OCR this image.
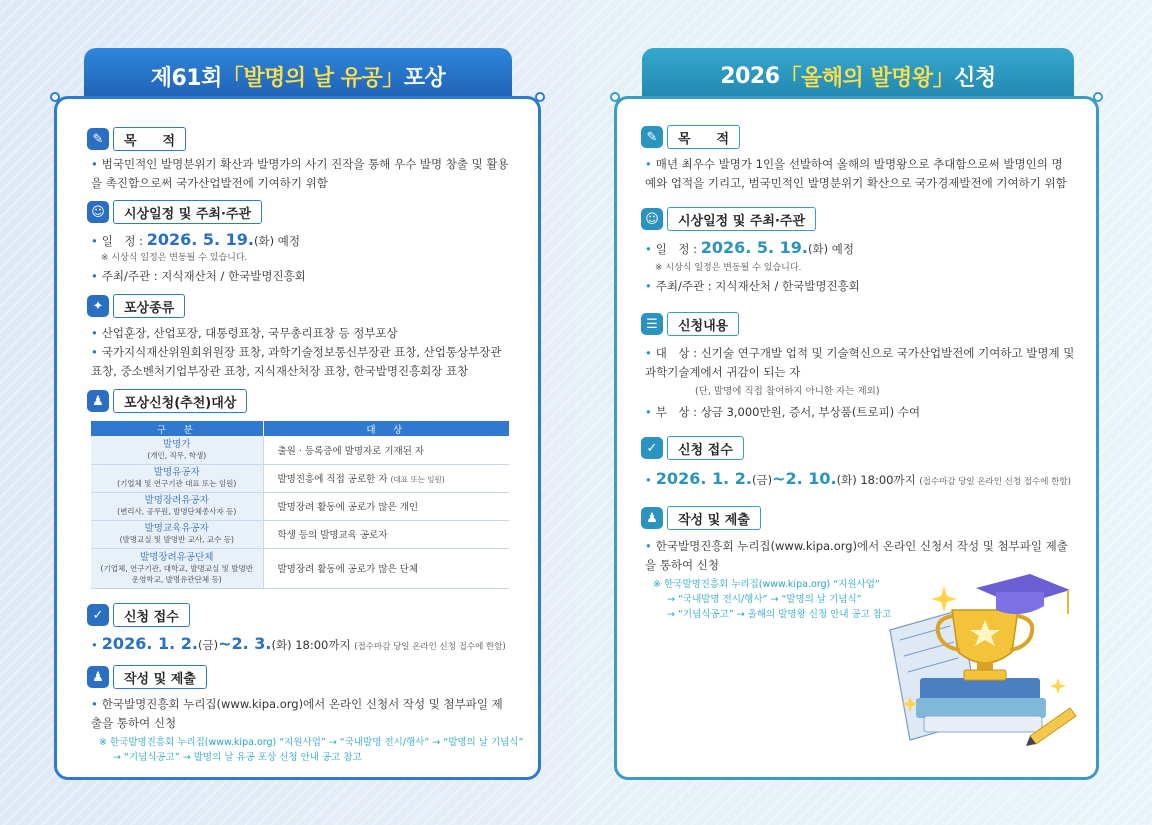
제61회 「발명의 날 유공」 포상	2026 「올해의 발명왕」 신청
✎	목　　적
• 범국민적인 발명분위기 확산과 발명가의 사기 진작을 통해 우수 발명 창출 및 활용을 촉진함으로써 국가산업발전에 기여하기 위함
☺	시상일정 및 주최·주관
• 일　정 : 2026. 5. 19.(화) 예정
※ 시상식 일정은 변동될 수 있습니다.
• 주최/주관 : 지식재산처 / 한국발명진흥회
✦	포상종류
• 산업훈장, 산업포장, 대통령표창, 국무총리표창 등 정부포상
• 국가지식재산위원회위원장 표창, 과학기술정보통신부장관 표창, 산업통상부장관 표창, 중소벤처기업부장관 표창, 지식재산처장 표창, 한국발명진흥회장 표창
♟	포상신청(추천)대상
구　분	대　상
발명가
(개인, 직무, 학생)	출원 · 등록증에 발명자로 기재된 자
발명유공자
(기업체 및 연구기관 대표 또는 임원)	발명진흥에 직접 공로한 자 (대표 또는 임원)
발명장려유공자
(변리사, 공무원, 발명단체종사자 등)	발명장려 활동에 공로가 많은 개인
발명교육유공자
(발명교실 및 발명반 교사, 교수 등)	학생 등의 발명교육 공로자
발명장려유공단체
(기업체, 연구기관, 대학교, 발명교실 및 발명반 운영학교, 발명유관단체 등)	발명장려 활동에 공로가 많은 단체
✓	신청 접수
• 2026. 1. 2.(금)~2. 3.(화) 18:00까지 (접수마감 당일 온라인 신청 접수에 한함)
♟	작성 및 제출
• 한국발명진흥회 누리집(www.kipa.org)에서 온라인 신청서 작성 및 첨부파일 제출을 통하여 신청
※ 한국발명진흥회 누리집(www.kipa.org) “지원사업” → “국내발명 전시/행사” → “발명의 날 기념식”
→ “기념식공고” → 발명의 날 유공 포상 신청 안내 공고 참고
✎	목　　적
• 매년 최우수 발명가 1인을 선발하여 올해의 발명왕으로 추대함으로써 발명인의 명예와 업적을 기리고, 범국민적인 발명분위기 확산으로 국가경제발전에 기여하기 위함
☺	시상일정 및 주최·주관
• 일　정 : 2026. 5. 19.(화) 예정
※ 시상식 일정은 변동될 수 있습니다.
• 주최/주관 : 지식재산처 / 한국발명진흥회
☰	신청내용
• 대　상 : 신기술 연구개발 업적 및 기술혁신으로 국가산업발전에 기여하고 발명계 및 과학기술계에서 귀감이 되는 자
(단, 발명에 직접 참여하지 아니한 자는 제외)
• 부　상 : 상금 3,000만원, 증서, 부상품(트로피) 수여
✓	신청 접수
• 2026. 1. 2.(금)~2. 10.(화) 18:00까지 (접수마감 당일 온라인 신청 접수에 한함)
♟	작성 및 제출
• 한국발명진흥회 누리집(www.kipa.org)에서 온라인 신청서 작성 및 첨부파일 제출을 통하여 신청
※ 한국발명진흥회 누리집(www.kipa.org) “지원사업”
→ “국내발명 전시/행사” → “발명의 날 기념식”
→ “기념식공고” → 올해의 발명왕 신청 안내 공고 참고
